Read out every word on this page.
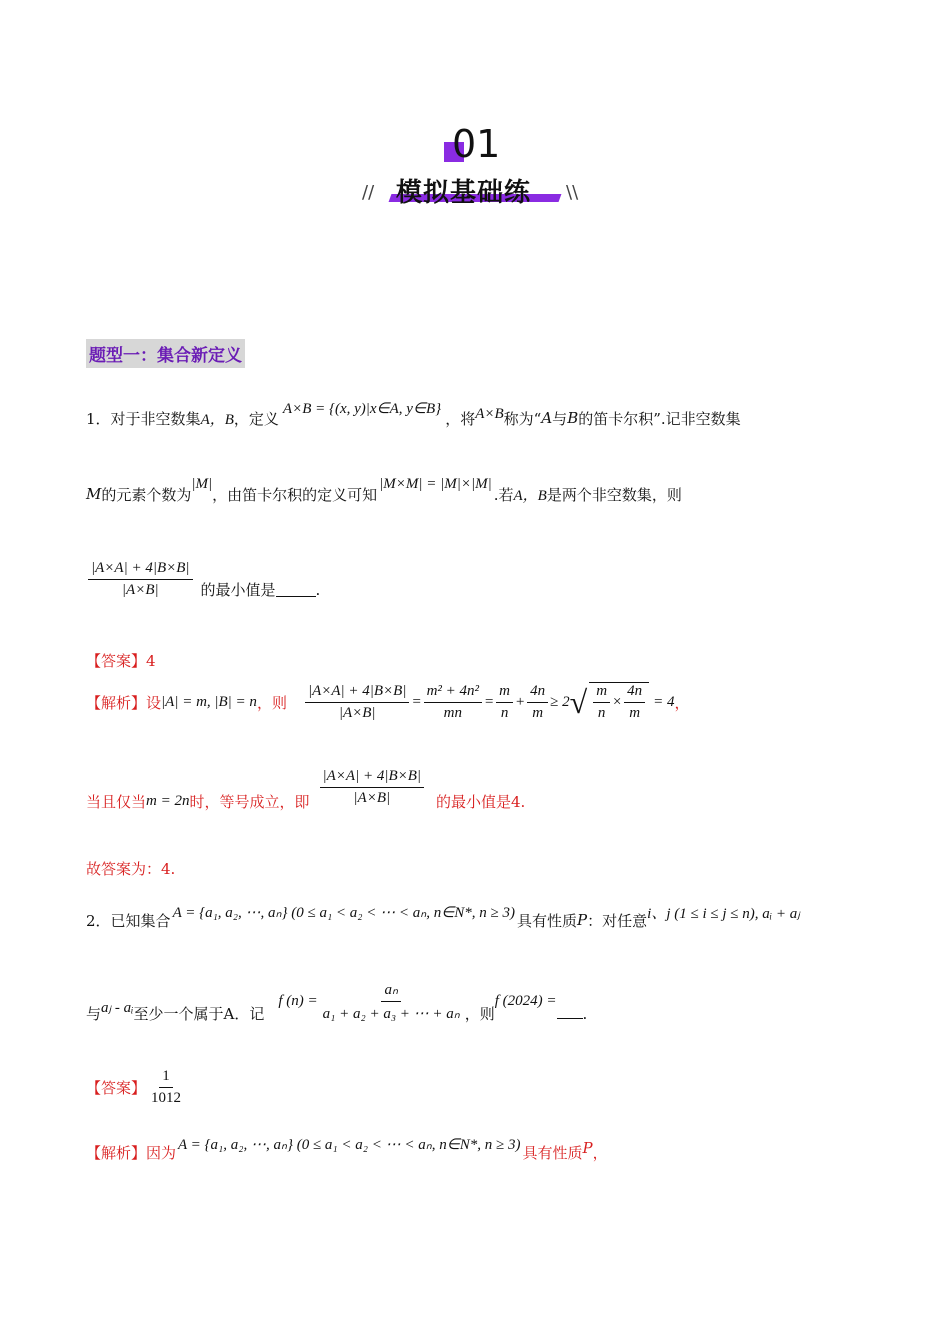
01
//	\\
模拟基础练
题型一：集合新定义
1． 对于非空数集 A，B ，定义
A×B = {(x, y)|x∈A, y∈B}
，将 A×B 称为“ A 与 B 的笛卡尔积”.记非空数集
M 的元素个数为
|M|
，由笛卡尔积的定义可知
|M×M| = |M|×|M|
.若 A，B 是两个非空数集，则
$\frac{|A\times A| + 4|B\times B|}{|A\times B|}$ 的最小值是	.
【答案】4
【解析】 设 |A| = m, |B| = n ，则 $\frac{|A\times A| + 4|B\times B|}{|A\times B|} = \frac{\text{m² + 4n²}}{mn} = \frac{m}{n} + \frac{4n}{m} \ge 2$ √ $\frac{m}{n} \times \frac{4n}{m} = 4$ ，
当且仅当 m = 2n 时，等号成立，即 $\frac{|A\times A| + 4|B\times B|}{|A\times B|}$ 的最小值是4.
故答案为：4.
2． 已知集合 A = {a₁, a₂, ⋯, aₙ} (0 ≤ a₁ < a₂ < ⋯ < aₙ, n∈N*, n ≥ 3) 具有性质 P ：对任意 i、j (1 ≤ i ≤ j ≤ n), aᵢ + aⱼ
与 aⱼ - aᵢ 至少一个属于A．记
f $(n) = \frac{\text{aₙ}}{\text{a₁ + a₂ + a₃ + ⋯ + aₙ}}$ ，则
f (2024) =
.
【答案】 $\frac{1}{1012}$
【解析】 因为 A = {a₁, a₂, ⋯, aₙ} (0 ≤ a₁ < a₂ < ⋯ < aₙ, n∈N*, n ≥ 3) 具有性质 P ，
